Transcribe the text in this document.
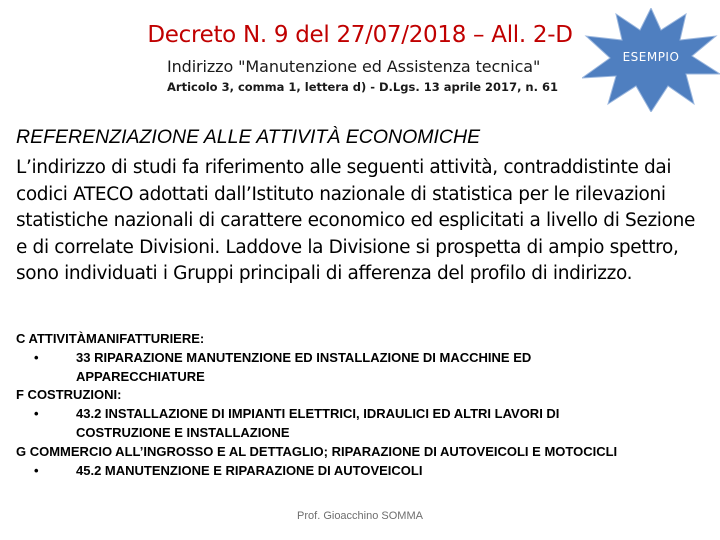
Decreto N. 9 del 27/07/2018 – All. 2-D

Indirizzo "Manutenzione ed Assistenza tecnica"

Articolo 3, comma 1, lettera d) - D.Lgs. 13 aprile 2017, n. 61

ESEMPIO
REFERENZIAZIONE ALLE ATTIVITÀ ECONOMICHE

L’indirizzo di studi fa riferimento alle seguenti attività, contraddistinte dai codici ATECO adottati dall’Istituto nazionale di statistica per le rilevazioni statistiche nazionali di carattere economico ed esplicitati a livello di Sezione e di correlate Divisioni. Laddove la Divisione si prospetta di ampio spettro, sono individuati i Gruppi principali di afferenza del profilo di indirizzo.

C ATTIVITÀMANIFATTURIERE:
•	33 RIPARAZIONE MANUTENZIONE ED INSTALLAZIONE DI MACCHINE ED APPARECCHIATURE
F COSTRUZIONI:
•	43.2 INSTALLAZIONE DI IMPIANTI ELETTRICI, IDRAULICI ED ALTRI LAVORI DI COSTRUZIONE E INSTALLAZIONE
G COMMERCIO ALL’INGROSSO E AL DETTAGLIO; RIPARAZIONE DI AUTOVEICOLI E MOTOCICLI
•	45.2 MANUTENZIONE E RIPARAZIONE DI AUTOVEICOLI

Prof. Gioacchino SOMMA
